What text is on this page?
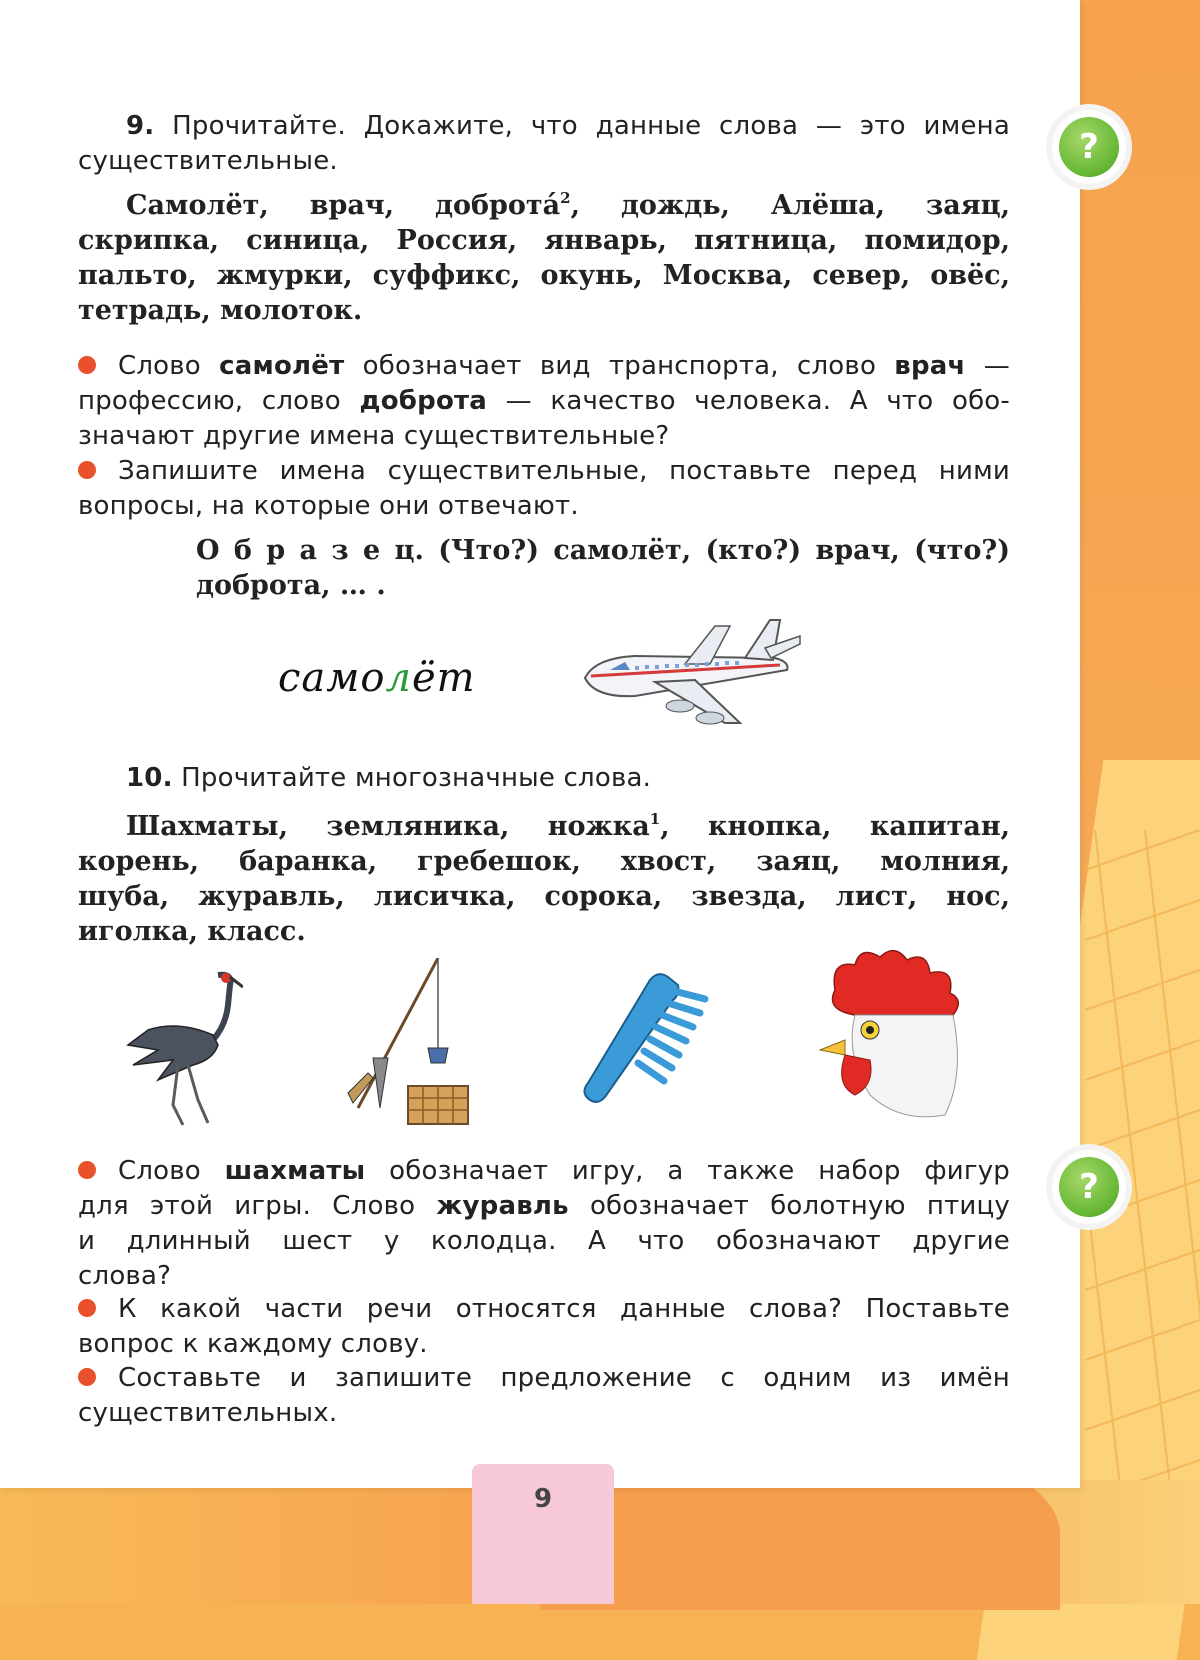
?
?
9. Прочитайте. Докажите, что данные слова — это имена
существительные.
Самолёт, врач, доброта́$^2$, дождь, Алёша, заяц,
скрипка, синица, Россия, январь, пятница, помидор,
пальто, жмурки, суффикс, окунь, Москва, север, овёс,
тетрадь, молоток.
Слово самолёт обозначает вид транспорта, слово врач —
профессию, слово доброта — качество человека. А что обо-
значают другие имена существительные?
Запишите имена существительные, поставьте перед ними
вопросы, на которые они отвечают.
О б р а з е ц. (Что?) самолёт, (кто?) врач, (что?)
доброта, … .
самoлёт
10. Прочитайте многозначные слова.
Шахматы, земляника, ножка$^1$, кнопка, капитан,
корень, баранка, гребешок, хвост, заяц, молния,
шуба, журавль, лисичка, сорока, звезда, лист, нос,
иголка, класс.
Слово шахматы обозначает игру, а также набор фигур
для этой игры. Слово журавль обозначает болотную птицу
и длинный шест у колодца. А что обозначают другие
слова?
К какой части речи относятся данные слова? Поставьте
вопрос к каждому слову.
Составьте и запишите предложение с одним из имён
существительных.
9
